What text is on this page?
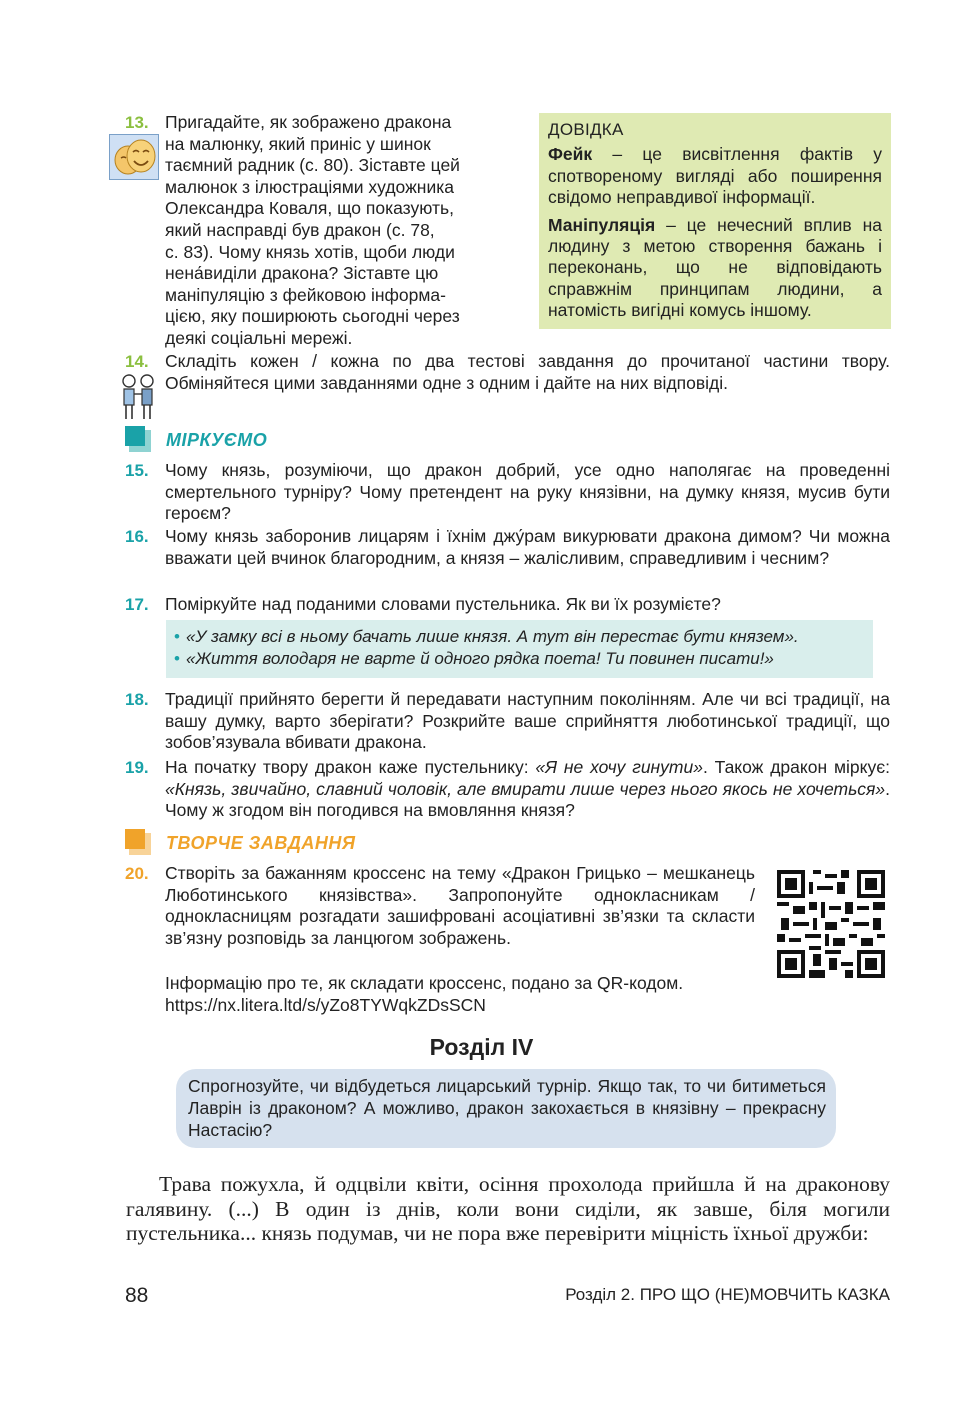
13. Пригадайте, як зображено дракона
на малюнку, який приніс у шинок
таємний радник (с. 80). Зіставте цей
малюнок з ілюстраціями художника
Олександра Коваля, що показують,
який насправді був дракон (с. 78,
с. 83). Чому князь хотів, щоби люди
нена́виділи дракона? Зіставте цю
маніпуляцію з фейковою інформа-
цією, яку поширюють сьогодні через
деякі соціальні мережі.
ДОВІДКА

Фейк – це висвітлення фактів у спотвореному вигляді або поширення свідомо неправдивої інформації.

Маніпуляція – це нечесний вплив на людину з метою створення бажань і переконань, що не відповідають справжнім принципам людини, а натомість вигідні комусь іншому.

14. Складіть кожен / кожна по два тестові завдання до прочитаної частини твору. Обміняйтеся цими завданнями одне з одним і дайте на них відповіді.
МІРКУЄМО
15. Чому князь, розуміючи, що дракон добрий, усе одно наполягає на проведенні смертельного турніру? Чому претендент на руку князівни, на думку князя, мусив бути героєм?
16. Чому князь заборонив лицарям і їхнім джу́рам викурювати дракона димом? Чи можна вважати цей вчинок благородним, а князя – жалісливим, справедливим і чесним?
17. Поміркуйте над поданими словами пустельника. Як ви їх розумієте?
• «У замку всі в ньому бачать лише князя. А тут він перестає бути князем».
• «Життя володаря не варте й одного рядка поета! Ти повинен писати!»
18. Традиції прийнято берегти й передавати наступним поколінням. Але чи всі традиції, на вашу думку, варто зберігати? Розкрийте ваше сприйняття люботинської традиції, що зобов’язувала вбивати дракона.
19. На початку твору дракон каже пустельнику: «Я не хочу гинути». Також дракон міркує: «Князь, звичайно, славний чоловік, але вмирати лише через нього якось не хочеться». Чому ж згодом він погодився на вмовляння князя?
ТВОРЧЕ ЗАВДАННЯ
20. Створіть за бажанням кроссенс на тему «Дракон Грицько – мешканець Люботинського князівства». Запропонуйте однокласникам / однокласницям розгадати зашифровані асоціативні зв’язки та скласти зв’язну розповідь за ланцюгом зображень.
Інформацію про те, як складати кроссенс, подано за QR-кодом.
https://nx.litera.ltd/s/yZo8TYWqkZDsSCN
Розділ IV
Спрогнозуйте, чи відбудеться лицарський турнір. Якщо так, то чи битиметься Лаврін із драконом? А можливо, дракон закохається в князівну – прекрасну Настасію?
Трава пожухла, й одцвіли квіти, осіння прохолода прийшла й на драконову галявину. (...) В один із днів, коли вони сиділи, як завше, біля могили пустельника... князь подумав, чи не пора вже перевірити міцність їхньої дружби:
88	Розділ 2. ПРО ЩО (НЕ)МОВЧИТЬ КАЗКА
